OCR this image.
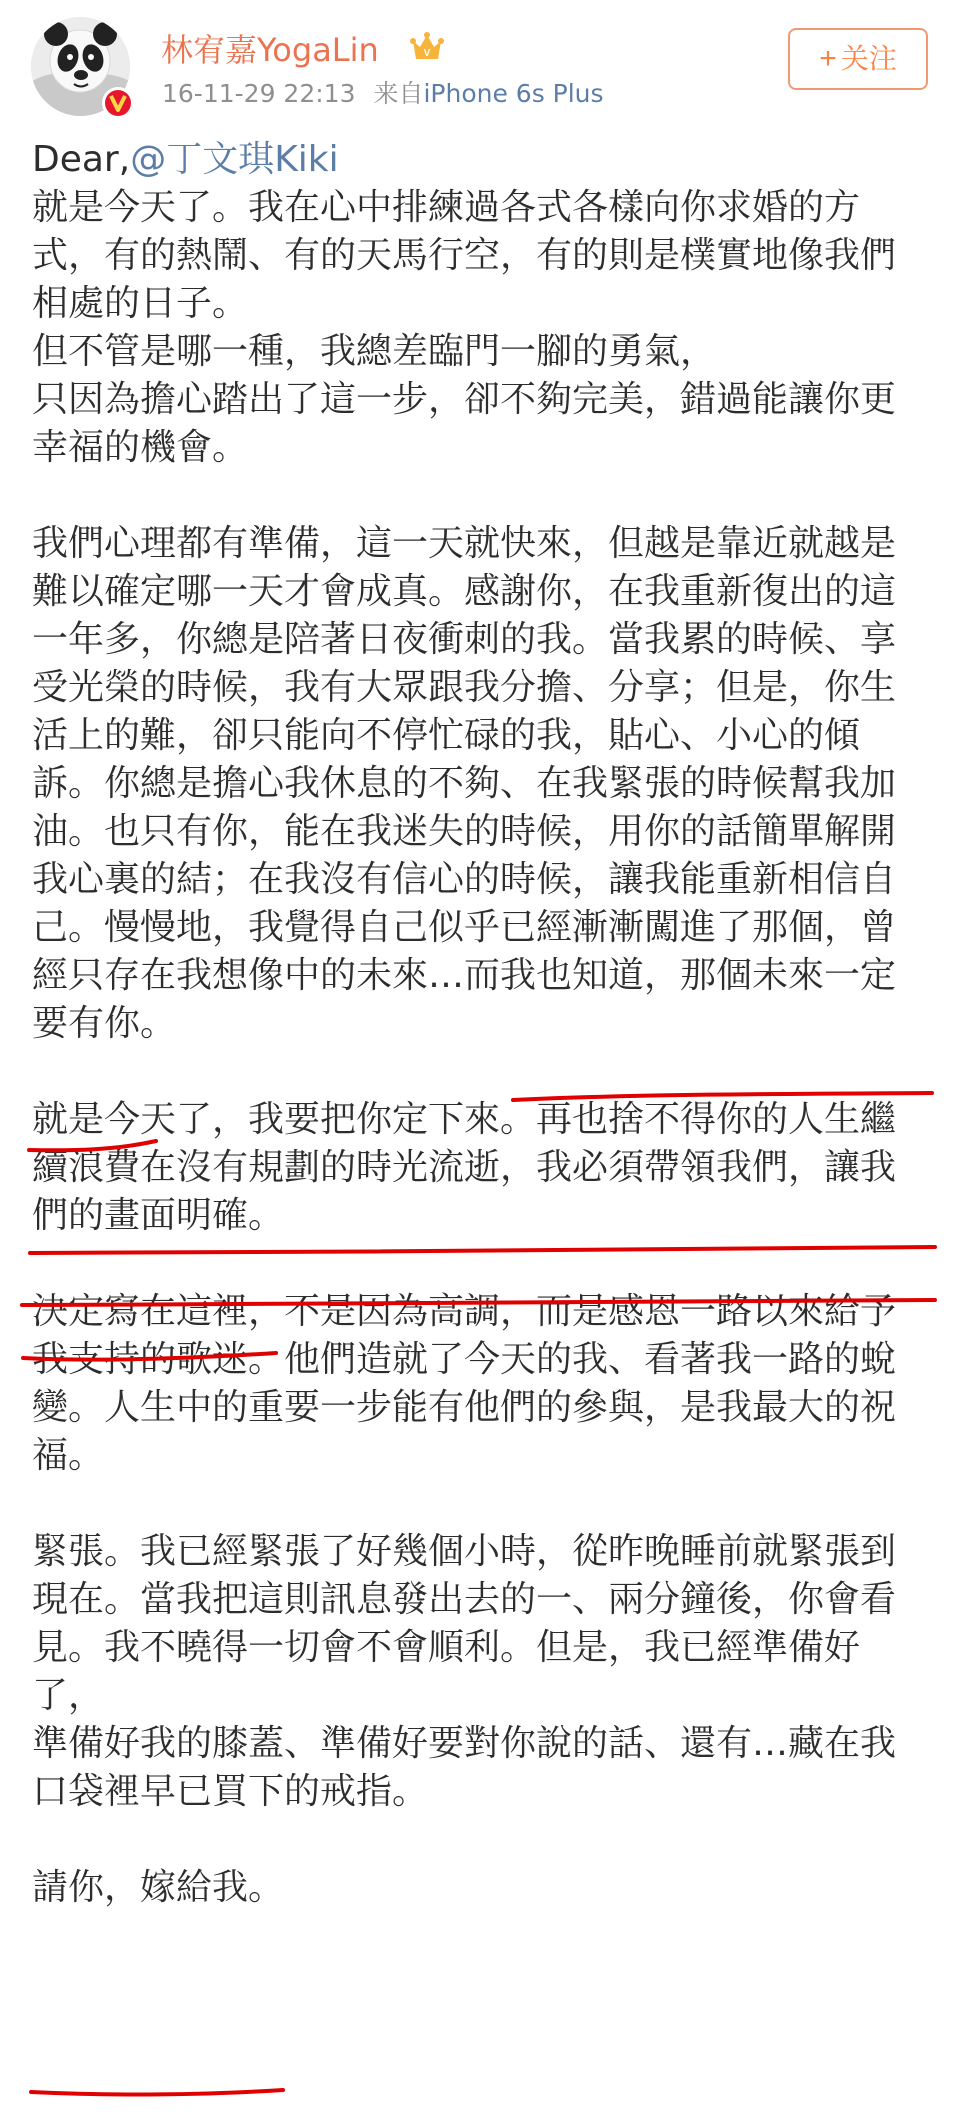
林宥嘉YogaLin	V
16-11-29 22:13 来自iPhone 6s Plus
+ 关注
Dear,@丁文琪Kiki
就是今天了。我在心中排練過各式各樣向你求婚的方
式，有的熱鬧、有的天馬行空，有的則是樸實地像我們
相處的日子。
但不管是哪一種，我總差臨門一腳的勇氣，
只因為擔心踏出了這一步，卻不夠完美，錯過能讓你更
幸福的機會。
我們心理都有準備，這一天就快來，但越是靠近就越是
難以確定哪一天才會成真。感謝你，在我重新復出的這
一年多，你總是陪著日夜衝刺的我。當我累的時候、享
受光榮的時候，我有大眾跟我分擔、分享；但是，你生
活上的難，卻只能向不停忙碌的我，貼心、小心的傾
訴。你總是擔心我休息的不夠、在我緊張的時候幫我加
油。也只有你，能在我迷失的時候，用你的話簡單解開
我心裏的結；在我沒有信心的時候，讓我能重新相信自
己。慢慢地，我覺得自己似乎已經漸漸闖進了那個，曾
經只存在我想像中的未來…而我也知道，那個未來一定
要有你。
就是今天了，我要把你定下來。再也捨不得你的人生繼
續浪費在沒有規劃的時光流逝，我必須帶領我們，讓我
們的畫面明確。
決定寫在這裡，不是因為高調，而是感恩一路以來給予
我支持的歌迷。他們造就了今天的我、看著我一路的蛻
變。人生中的重要一步能有他們的參與，是我最大的祝
福。
緊張。我已經緊張了好幾個小時，從昨晚睡前就緊張到
現在。當我把這則訊息發出去的一、兩分鐘後，你會看
見。我不曉得一切會不會順利。但是，我已經準備好
了，
準備好我的膝蓋、準備好要對你說的話、還有…藏在我
口袋裡早已買下的戒指。
請你，嫁給我。
